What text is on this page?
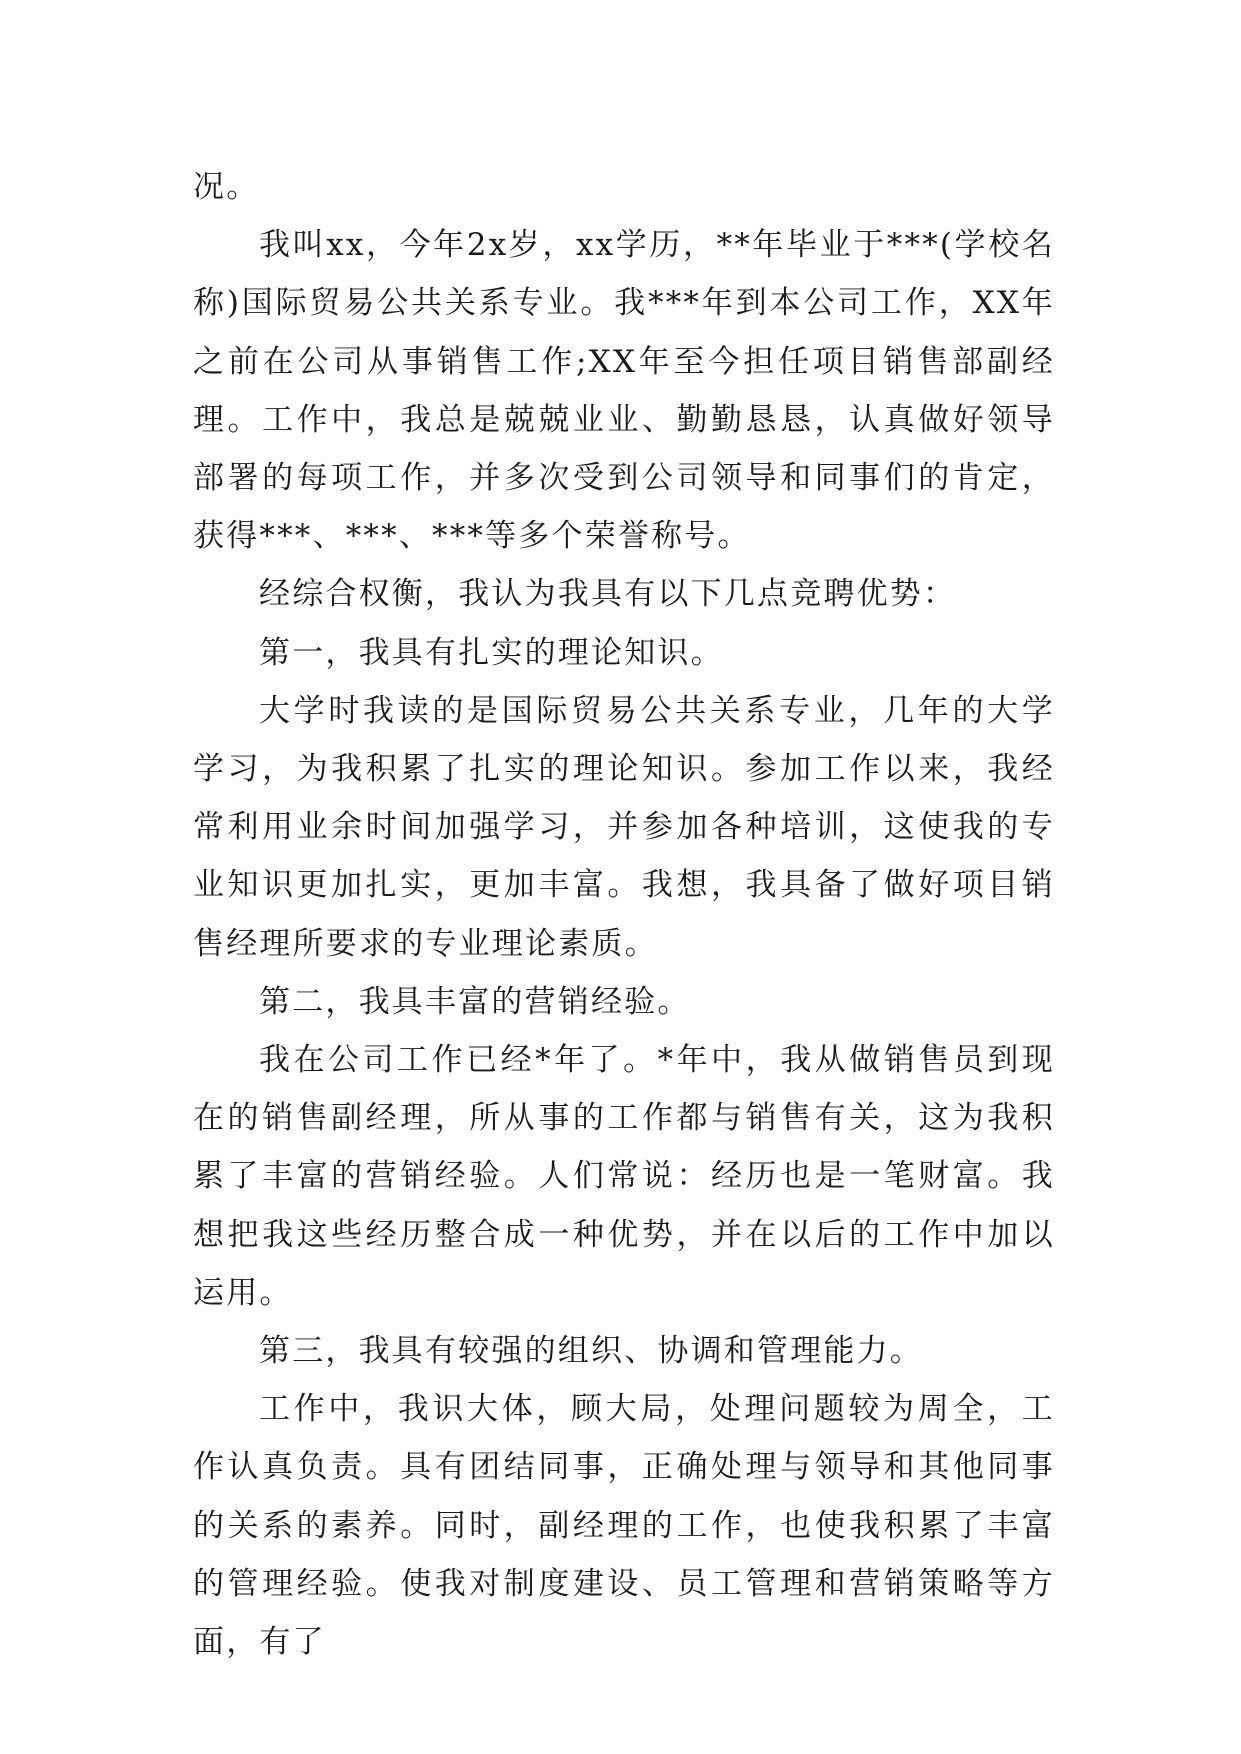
况。

我叫xx，今年2x岁，xx学历，**年毕业于***(学校名称)国际贸易公共关系专业。我***年到本公司工作，XX年之前在公司从事销售工作;XX年至今担任项目销售部副经理。工作中，我总是兢兢业业、勤勤恳恳，认真做好领导部署的每项工作，并多次受到公司领导和同事们的肯定，获得***、***、***等多个荣誉称号。

经综合权衡，我认为我具有以下几点竞聘优势：

第一，我具有扎实的理论知识。

大学时我读的是国际贸易公共关系专业，几年的大学学习，为我积累了扎实的理论知识。参加工作以来，我经常利用业余时间加强学习，并参加各种培训，这使我的专业知识更加扎实，更加丰富。我想，我具备了做好项目销售经理所要求的专业理论素质。

第二，我具丰富的营销经验。

我在公司工作已经*年了。*年中，我从做销售员到现在的销售副经理，所从事的工作都与销售有关，这为我积累了丰富的营销经验。人们常说：经历也是一笔财富。我想把我这些经历整合成一种优势，并在以后的工作中加以运用。

第三，我具有较强的组织、协调和管理能力。

工作中，我识大体，顾大局，处理问题较为周全，工作认真负责。具有团结同事，正确处理与领导和其他同事的关系的素养。同时，副经理的工作，也使我积累了丰富的管理经验。使我对制度建设、员工管理和营销策略等方面，有了
